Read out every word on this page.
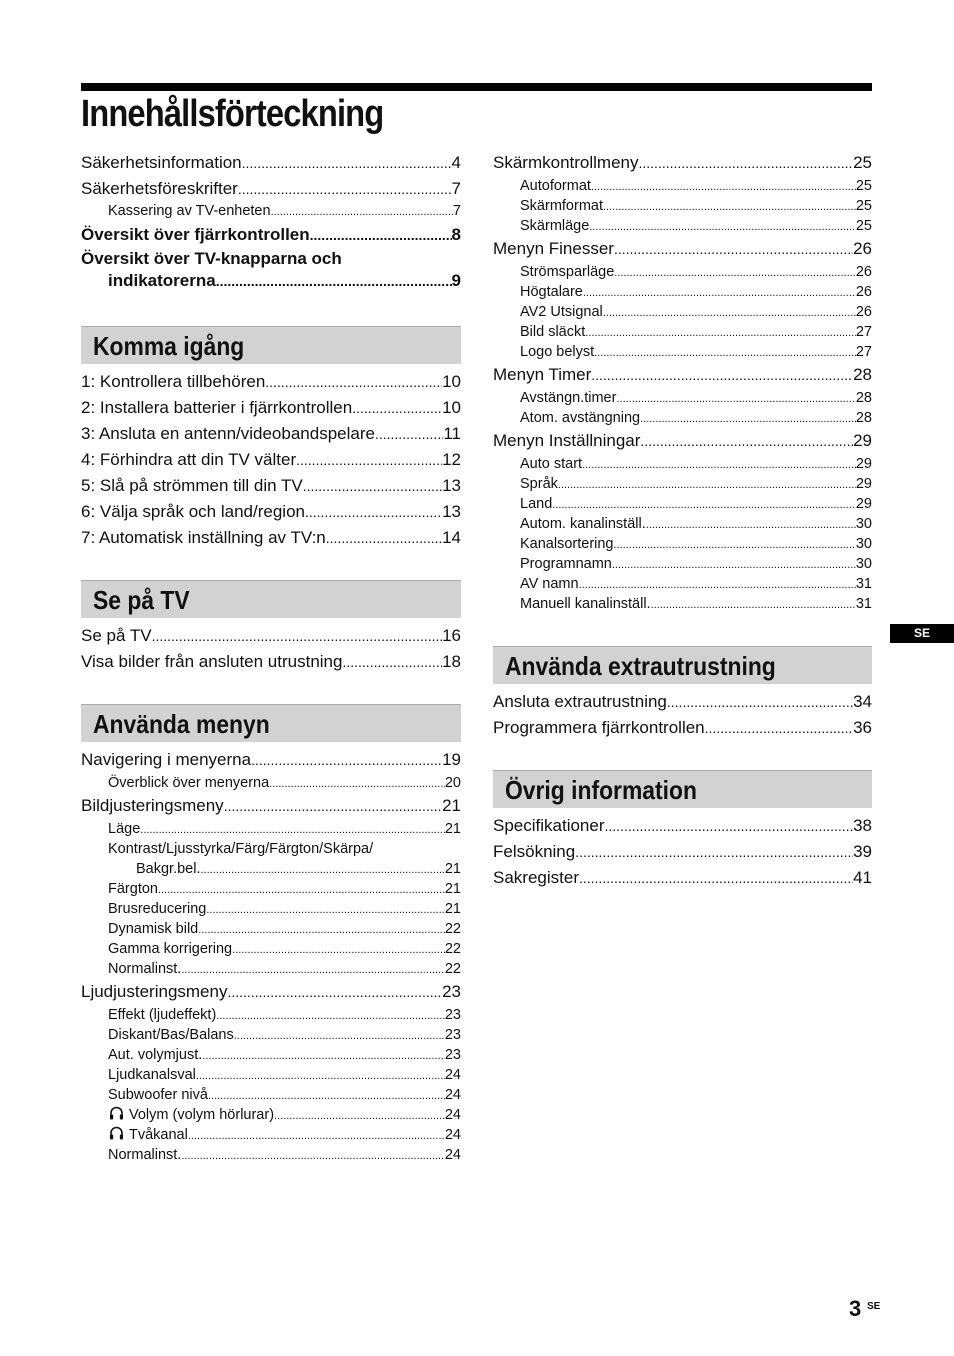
Innehållsförteckning
Säkerhetsinformation .....	4
Säkerhetsföreskrifter .....	7
Kassering av TV-enheten .....	7
Översikt över fjärrkontrollen .....	8
Översikt över TV-knapparna och
indikatorerna .....	9
Komma igång
1: Kontrollera tillbehören .....	10
2: Installera batterier i fjärrkontrollen .....	10
3: Ansluta en antenn/videobandspelare .....	11
4: Förhindra att din TV välter .....	12
5: Slå på strömmen till din TV .....	13
6: Välja språk och land/region .....	13
7: Automatisk inställning av TV:n .....	14
Se på TV
Se på TV .....	16
Visa bilder från ansluten utrustning .....	18
Använda menyn
Navigering i menyerna .....	19
Överblick över menyerna .....	20
Bildjusteringsmeny .....	21
Läge .....	21
Kontrast/Ljusstyrka/Färg/Färgton/Skärpa/
Bakgr.bel. .....	21
Färgton .....	21
Brusreducering .....	21
Dynamisk bild .....	22
Gamma korrigering .....	22
Normalinst. .....	22
Ljudjusteringsmeny .....	23
Effekt (ljudeffekt) .....	23
Diskant/Bas/Balans .....	23
Aut. volymjust. .....	23
Ljudkanalsval .....	24
Subwoofer nivå .....	24
Volym (volym hörlurar) .....	24
Tvåkanal .....	24
Normalinst. .....	24
Skärmkontrollmeny .....	25
Autoformat .....	25
Skärmformat .....	25
Skärmläge .....	25
Menyn Finesser .....	26
Strömsparläge .....	26
Högtalare .....	26
AV2 Utsignal .....	26
Bild släckt .....	27
Logo belyst .....	27
Menyn Timer .....	28
Avstängn.timer .....	28
Atom. avstängning .....	28
Menyn Inställningar .....	29
Auto start .....	29
Språk .....	29
Land .....	29
Autom. kanalinställ. .....	30
Kanalsortering .....	30
Programnamn .....	30
AV namn .....	31
Manuell kanalinställ. .....	31
Använda extrautrustning
Ansluta extrautrustning .....	34
Programmera fjärrkontrollen .....	36
Övrig information
Specifikationer .....	38
Felsökning .....	39
Sakregister .....	41
SE
3 SE
